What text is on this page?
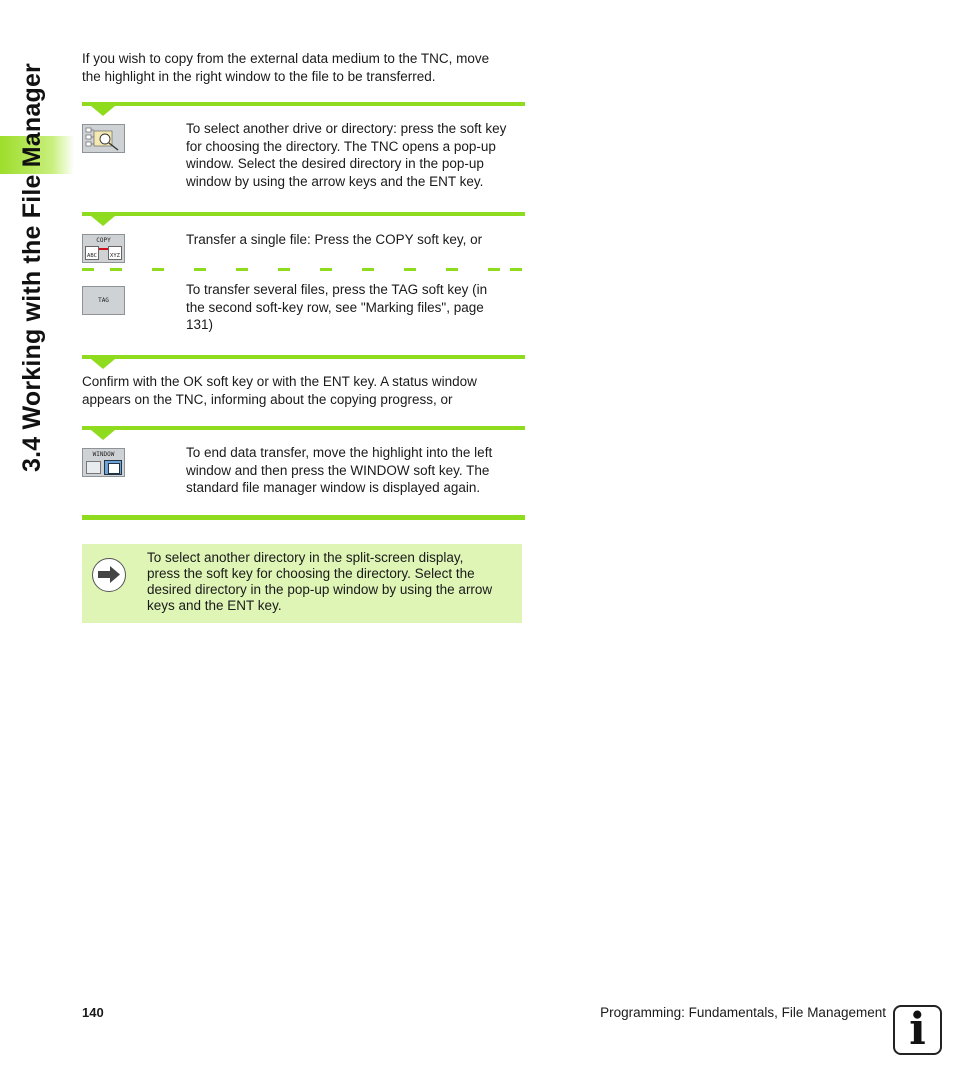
3.4 Working with the File Manager
If you wish to copy from the external data medium to the TNC, move
the highlight in the right window to the file to be transferred.
To select another drive or directory: press the soft key
for choosing the directory. The TNC opens a pop-up
window. Select the desired directory in the pop-up
window by using the arrow keys and the ENT key.
COPY
ABC	XYZ
Transfer a single file: Press the COPY soft key, or
TAG
To transfer several files, press the TAG soft key (in
the second soft-key row, see "Marking files", page
131)
Confirm with the OK soft key or with the ENT key. A status window
appears on the TNC, informing about the copying progress, or
WINDOW	To end data transfer, move the highlight into the left
window and then press the WINDOW soft key. The
standard file manager window is displayed again.
To select another directory in the split-screen display,
press the soft key for choosing the directory. Select the
desired directory in the pop-up window by using the arrow
keys and the ENT key.
140	Programming: Fundamentals, File Management i
